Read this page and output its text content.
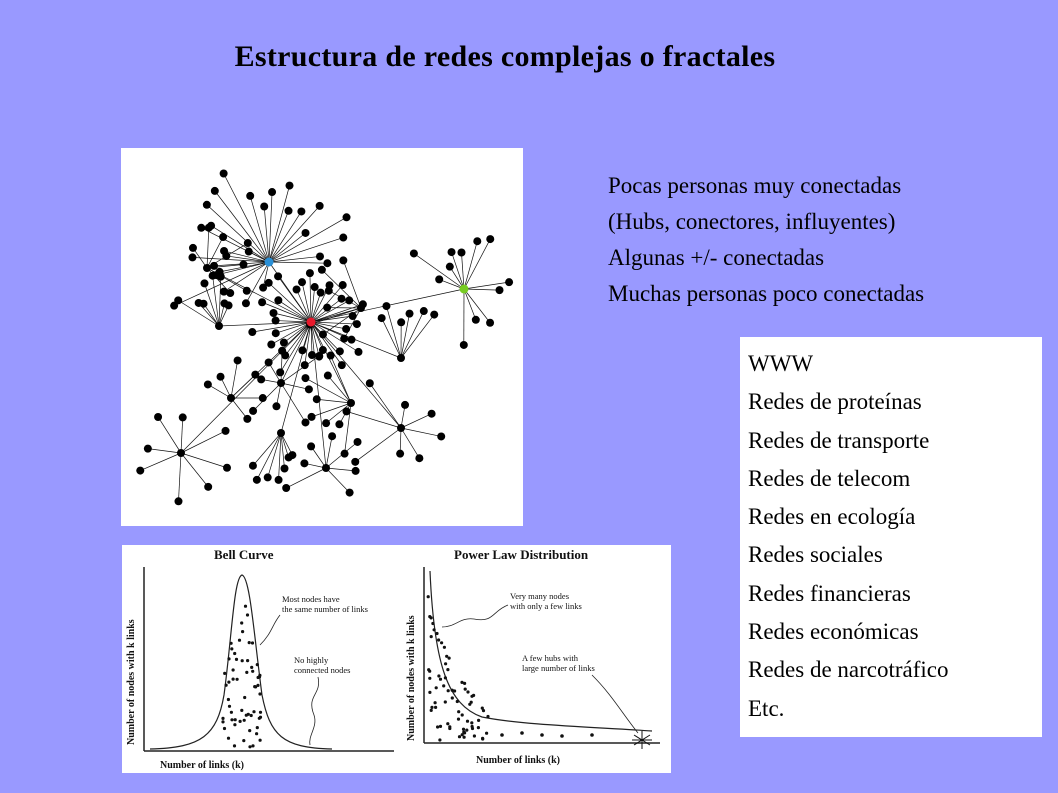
Estructura de redes complejas o fractales
Pocas personas muy conectadas
(Hubs, conectores, influyentes)
Algunas +/- conectadas
Muchas personas poco conectadas
WWW
Redes de proteínas
Redes de transporte
Redes de telecom
Redes en ecología
Redes sociales
Redes financieras
Redes económicas
Redes de narcotráfico
Etc.
Bell Curve
Number of nodes with k links
Number of links (k)
Most nodes have
the same number of links
No highly
connected nodes
Power Law Distribution
Number of nodes with k links
Number of links (k)
Very many nodes
with only a few links
A few hubs with
large number of links
